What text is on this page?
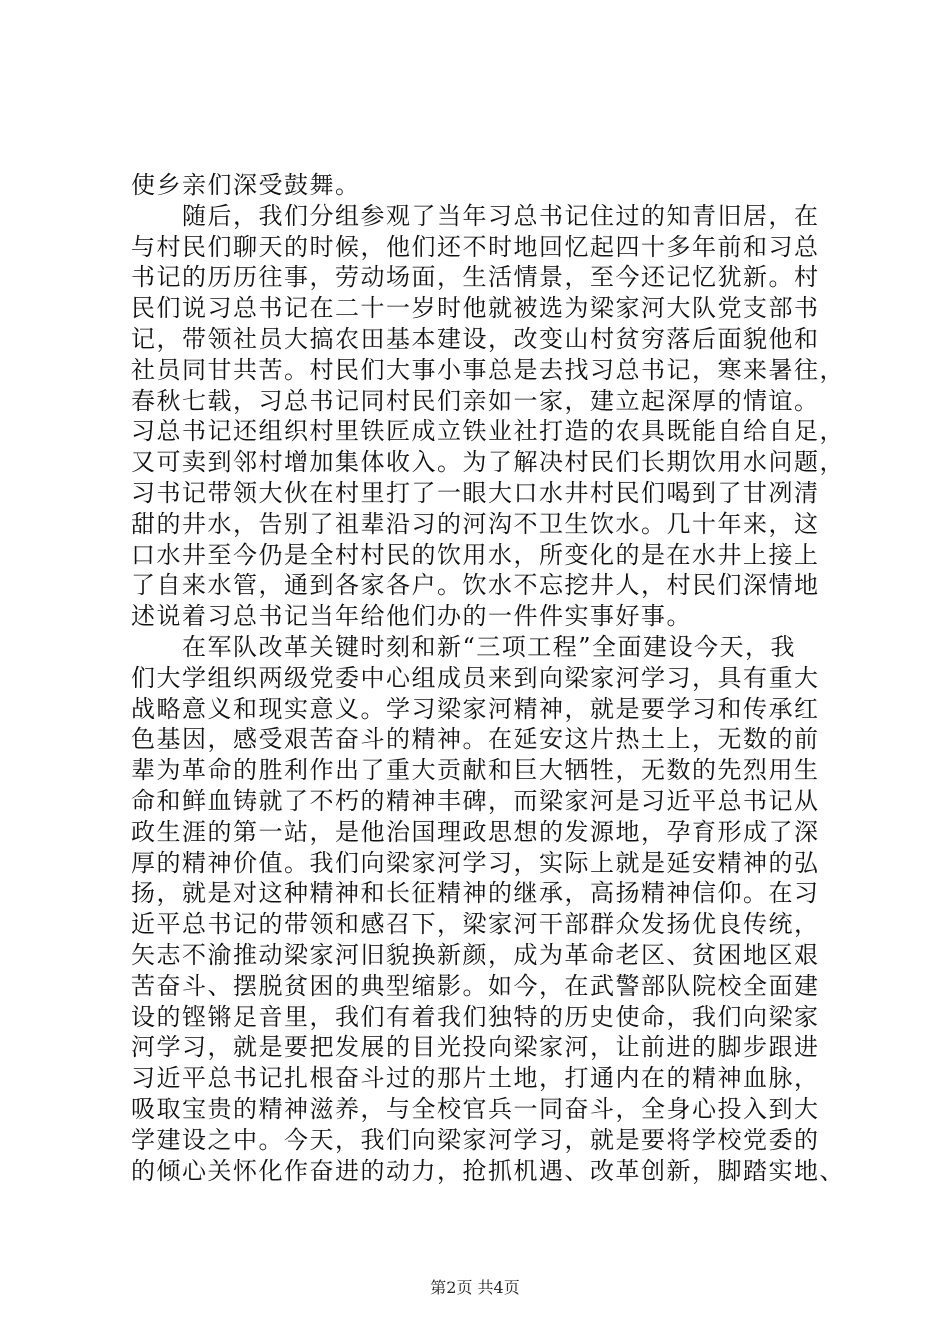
使乡亲们深受鼓舞。
　　随后，我们分组参观了当年习总书记住过的知青旧居，在
与村民们聊天的时候，他们还不时地回忆起四十多年前和习总
书记的历历往事，劳动场面，生活情景，至今还记忆犹新。村
民们说习总书记在二十一岁时他就被选为梁家河大队党支部书
记，带领社员大搞农田基本建设，改变山村贫穷落后面貌他和
社员同甘共苦。村民们大事小事总是去找习总书记，寒来暑往，
春秋七载，习总书记同村民们亲如一家，建立起深厚的情谊。
习总书记还组织村里铁匠成立铁业社打造的农具既能自给自足，
又可卖到邻村增加集体收入。为了解决村民们长期饮用水问题，
习书记带领大伙在村里打了一眼大口水井村民们喝到了甘冽清
甜的井水，告别了祖辈沿习的河沟不卫生饮水。几十年来，这
口水井至今仍是全村村民的饮用水，所变化的是在水井上接上
了自来水管，通到各家各户。饮水不忘挖井人，村民们深情地
述说着习总书记当年给他们办的一件件实事好事。
　　在军队改革关键时刻和新“三项工程”全面建设今天，我
们大学组织两级党委中心组成员来到向梁家河学习，具有重大
战略意义和现实意义。学习梁家河精神，就是要学习和传承红
色基因，感受艰苦奋斗的精神。在延安这片热土上，无数的前
辈为革命的胜利作出了重大贡献和巨大牺牲，无数的先烈用生
命和鲜血铸就了不朽的精神丰碑，而梁家河是习近平总书记从
政生涯的第一站，是他治国理政思想的发源地，孕育形成了深
厚的精神价值。我们向梁家河学习，实际上就是延安精神的弘
扬，就是对这种精神和长征精神的继承，高扬精神信仰。在习
近平总书记的带领和感召下，梁家河干部群众发扬优良传统，
矢志不渝推动梁家河旧貌换新颜，成为革命老区、贫困地区艰
苦奋斗、摆脱贫困的典型缩影。如今，在武警部队院校全面建
设的铿锵足音里，我们有着我们独特的历史使命，我们向梁家
河学习，就是要把发展的目光投向梁家河，让前进的脚步跟进
习近平总书记扎根奋斗过的那片土地，打通内在的精神血脉，
吸取宝贵的精神滋养，与全校官兵一同奋斗，全身心投入到大
学建设之中。今天，我们向梁家河学习，就是要将学校党委的
的倾心关怀化作奋进的动力，抢抓机遇、改革创新，脚踏实地、
第2页 共4页
